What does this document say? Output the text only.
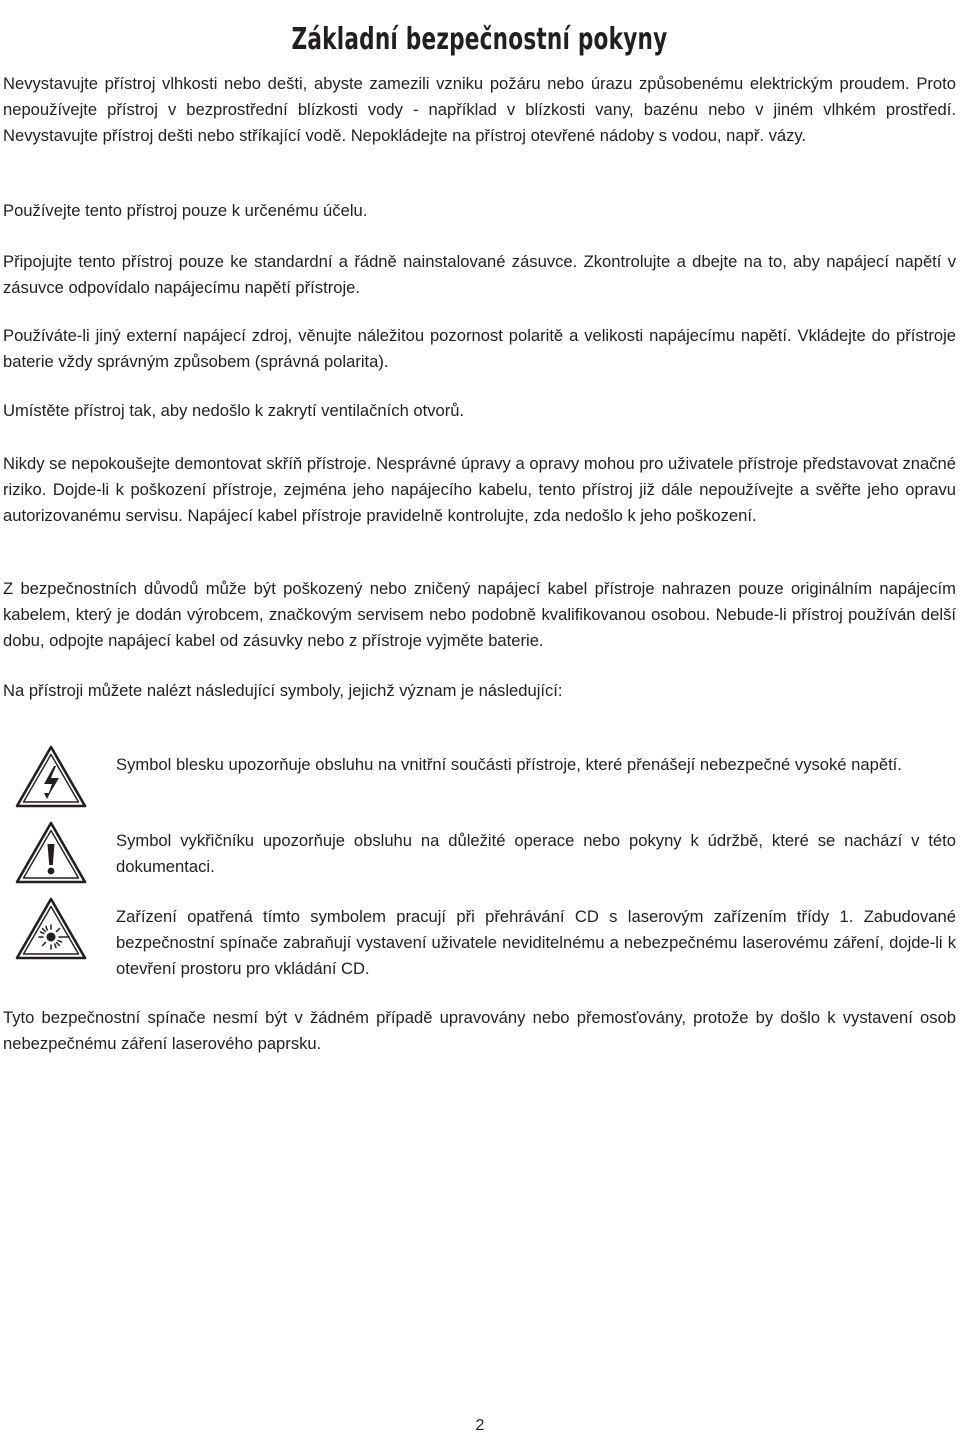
Základní bezpečnostní pokyny

Nevystavujte přístroj vlhkosti nebo dešti, abyste zamezili vzniku požáru nebo úrazu způsobenému elektrickým proudem. Proto nepoužívejte přístroj v bezprostřední blízkosti vody - například v blízkosti vany, bazénu nebo v jiném vlhkém prostředí. Nevystavujte přístroj dešti nebo stříkající vodě. Nepokládejte na přístroj otevřené nádoby s vodou, např. vázy.

Používejte tento přístroj pouze k určenému účelu.

Připojujte tento přístroj pouze ke standardní a řádně nainstalované zásuvce. Zkontrolujte a dbejte na to, aby napájecí napětí v zásuvce odpovídalo napájecímu napětí přístroje.

Používáte-li jiný externí napájecí zdroj, věnujte náležitou pozornost polaritě a velikosti napájecímu napětí. Vkládejte do přístroje baterie vždy správným způsobem (správná polarita).

Umístěte přístroj tak, aby nedošlo k zakrytí ventilačních otvorů.

Nikdy se nepokoušejte demontovat skříň přístroje. Nesprávné úpravy a opravy mohou pro uživatele přístroje představovat značné riziko. Dojde-li k poškození přístroje, zejména jeho napájecího kabelu, tento přístroj již dále nepoužívejte a svěřte jeho opravu autorizovanému servisu. Napájecí kabel přístroje pravidelně kontrolujte, zda nedošlo k jeho poškození.

Z bezpečnostních důvodů může být poškozený nebo zničený napájecí kabel přístroje nahrazen pouze originálním napájecím kabelem, který je dodán výrobcem, značkovým servisem nebo podobně kvalifikovanou osobou. Nebude-li přístroj používán delší dobu, odpojte napájecí kabel od zásuvky nebo z přístroje vyjměte baterie.

Na přístroji můžete nalézt následující symboly, jejichž význam je následující:

Symbol blesku upozorňuje obsluhu na vnitřní součásti přístroje, které přenášejí nebezpečné vysoké napětí.

Symbol vykřičníku upozorňuje obsluhu na důležité operace nebo pokyny k údržbě, které se nachází v této dokumentaci.

Zařízení opatřená tímto symbolem pracují při přehrávání CD s laserovým zařízením třídy 1. Zabudované bezpečnostní spínače zabraňují vystavení uživatele neviditelnému a nebezpečnému laserovému záření, dojde-li k otevření prostoru pro vkládání CD.

Tyto bezpečnostní spínače nesmí být v žádném případě upravovány nebo přemosťovány, protože by došlo k vystavení osob nebezpečnému záření laserového paprsku.

2
